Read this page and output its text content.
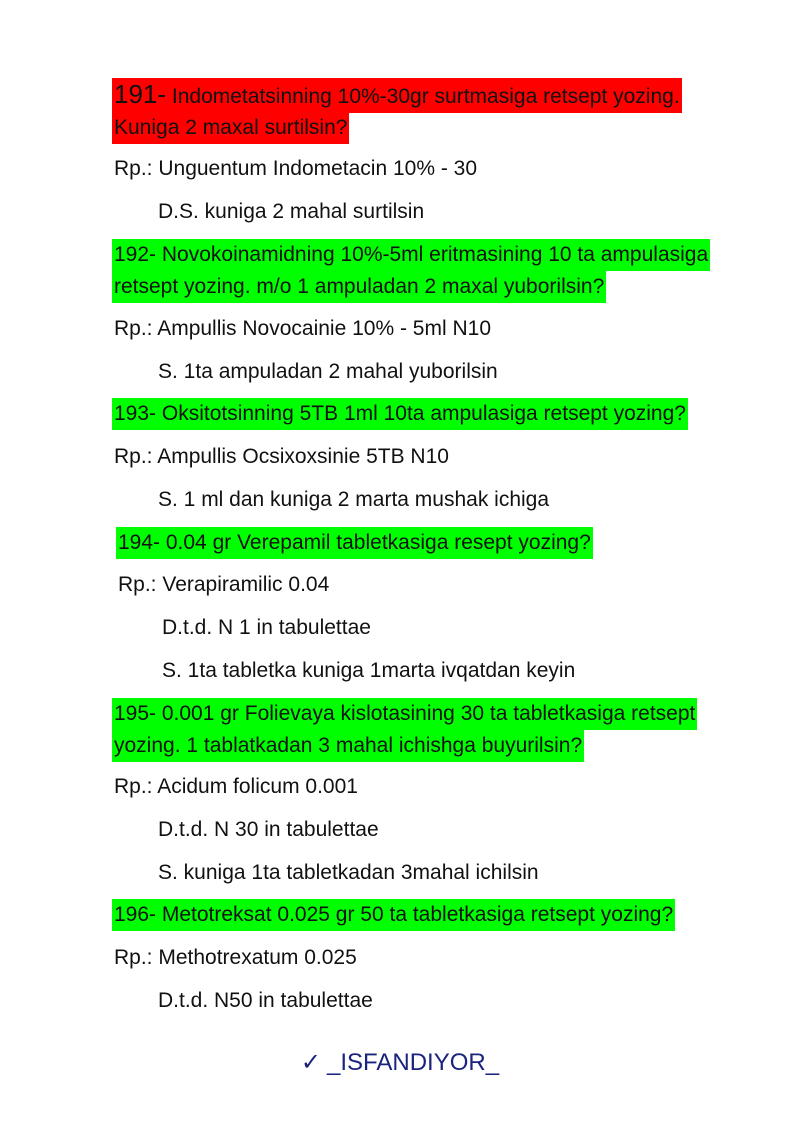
191- Indometatsinning 10%-30gr surtmasiga retsept yozing.
Kuniga 2 maxal surtilsin?
Rp.: Unguentum Indometacin 10% - 30
D.S. kuniga 2 mahal surtilsin
192- Novokoinamidning 10%-5ml eritmasining 10 ta ampulasiga
retsept yozing. m/o 1 ampuladan 2 maxal yuborilsin?
Rp.: Ampullis Novocainie 10% - 5ml N10
S. 1ta ampuladan 2 mahal yuborilsin
193- Oksitotsinning 5TB 1ml 10ta ampulasiga retsept yozing?
Rp.: Ampullis Ocsixoxsinie 5TB N10
S. 1 ml dan kuniga 2 marta mushak ichiga
194- 0.04 gr Verepamil tabletkasiga resept yozing?
Rp.: Verapiramilic 0.04
D.t.d. N 1 in tabulettae
S. 1ta tabletka kuniga 1marta ivqatdan keyin
195- 0.001 gr Folievaya kislotasining 30 ta tabletkasiga retsept
yozing. 1 tablatkadan 3 mahal ichishga buyurilsin?
Rp.: Acidum folicum 0.001
D.t.d. N 30 in tabulettae
S. kuniga 1ta tabletkadan 3mahal ichilsin
196- Metotreksat 0.025 gr 50 ta tabletkasiga retsept yozing?
Rp.: Methotrexatum 0.025
D.t.d. N50 in tabulettae
✓ _ISFANDIYOR_
